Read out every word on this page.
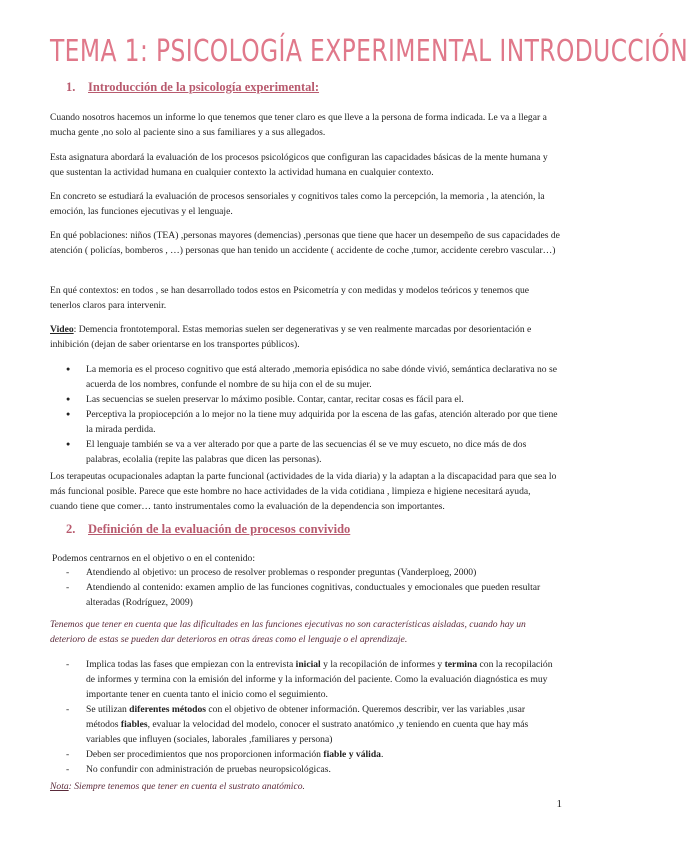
TEMA 1: PSICOLOGÍA EXPERIMENTAL INTRODUCCIÓN
1. Introducción de la psicología experimental:

Cuando nosotros hacemos un informe lo que tenemos que tener claro es que lleve a la persona de forma indicada. Le va a llegar a mucha gente ,no solo al paciente sino a sus familiares y a sus allegados.

Esta asignatura abordará la evaluación de los procesos psicológicos que configuran las capacidades básicas de la mente humana y que sustentan la actividad humana en cualquier contexto la actividad humana en cualquier contexto.

En concreto se estudiará la evaluación de procesos sensoriales y cognitivos tales como la percepción, la memoria , la atención, la emoción, las funciones ejecutivas y el lenguaje.

En qué poblaciones: niños (TEA) ,personas mayores (demencias) ,personas que tiene que hacer un desempeño de sus capacidades de atención ( policías, bomberos , …) personas que han tenido un accidente ( accidente de coche ,tumor, accidente cerebro vascular…)

En qué contextos: en todos , se han desarrollado todos estos en Psicometría y con medidas y modelos teóricos y tenemos que tenerlos claros para intervenir.

Video: Demencia frontotemporal. Estas memorias suelen ser degenerativas y se ven realmente marcadas por desorientación e inhibición (dejan de saber orientarse en los transportes públicos).

● La memoria es el proceso cognitivo que está alterado ,memoria episódica no sabe dónde vivió, semántica declarativa no se acuerda de los nombres, confunde el nombre de su hija con el de su mujer.
● Las secuencias se suelen preservar lo máximo posible. Contar, cantar, recitar cosas es fácil para el.
● Perceptiva la propiocepción a lo mejor no la tiene muy adquirida por la escena de las gafas, atención alterado por que tiene la mirada perdida.
● El lenguaje también se va a ver alterado por que a parte de las secuencias él se ve muy escueto, no dice más de dos palabras, ecolalia (repite las palabras que dicen las personas).

Los terapeutas ocupacionales adaptan la parte funcional (actividades de la vida diaria) y la adaptan a la discapacidad para que sea lo más funcional posible. Parece que este hombre no hace actividades de la vida cotidiana , limpieza e higiene necesitará ayuda, cuando tiene que comer… tanto instrumentales como la evaluación de la dependencia son importantes.

2. Definición de la evaluación de procesos convivido

Podemos centrarnos en el objetivo o en el contenido:

- Atendiendo al objetivo: un proceso de resolver problemas o responder preguntas (Vanderploeg, 2000)
- Atendiendo al contenido: examen amplio de las funciones cognitivas, conductuales y emocionales que pueden resultar alteradas (Rodríguez, 2009)

Tenemos que tener en cuenta que las dificultades en las funciones ejecutivas no son características aisladas, cuando hay un deterioro de estas se pueden dar deterioros en otras áreas como el lenguaje o el aprendizaje.

- Implica todas las fases que empiezan con la entrevista inicial y la recopilación de informes y termina con la recopilación de informes y termina con la emisión del informe y la información del paciente. Como la evaluación diagnóstica es muy importante tener en cuenta tanto el inicio como el seguimiento.
- Se utilizan diferentes métodos con el objetivo de obtener información. Queremos describir, ver las variables ,usar métodos fiables, evaluar la velocidad del modelo, conocer el sustrato anatómico ,y teniendo en cuenta que hay más variables que influyen (sociales, laborales ,familiares y persona)
- Deben ser procedimientos que nos proporcionen información fiable y válida.
- No confundir con administración de pruebas neuropsicológicas.

Nota: Siempre tenemos que tener en cuenta el sustrato anatómico.

1
